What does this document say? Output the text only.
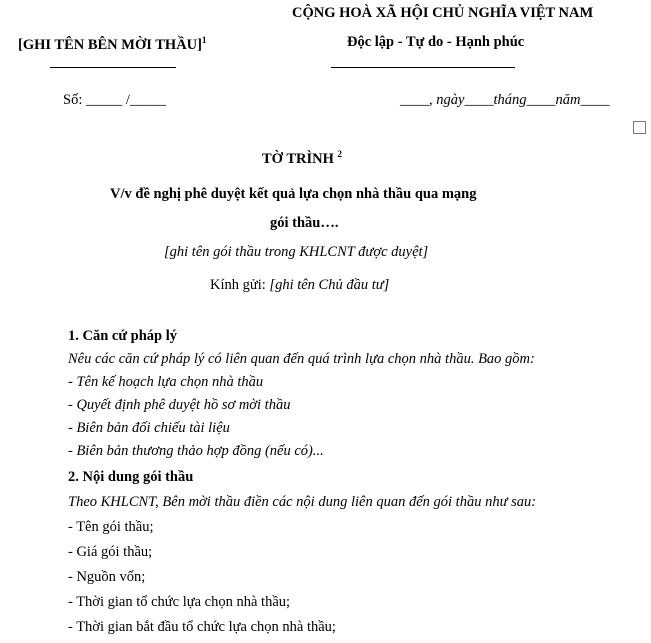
CỘNG HOÀ XÃ HỘI CHỦ NGHĨA VIỆT NAM
Độc lập - Tự do - Hạnh phúc
[GHI TÊN BÊN MỜI THẦU]$^1$
Số: _____ /_____	____, ngày____tháng____năm____
TỜ TRÌNH $^2$
V/v đề nghị phê duyệt kết quả lựa chọn nhà thầu qua mạng
gói thầu….
[ghi tên gói thầu trong KHLCNT được duyệt]
Kính gửi: [ghi tên Chủ đầu tư]
1. Căn cứ pháp lý
Nêu các căn cứ pháp lý có liên quan đến quá trình lựa chọn nhà thầu. Bao gồm:
- Tên kế hoạch lựa chọn nhà thầu
- Quyết định phê duyệt hồ sơ mời thầu
- Biên bản đối chiếu tài liệu
- Biên bản thương thảo hợp đồng (nếu có)...
2. Nội dung gói thầu
Theo KHLCNT, Bên mời thầu điền các nội dung liên quan đến gói thầu như sau:
- Tên gói thầu;
- Giá gói thầu;
- Nguồn vốn;
- Thời gian tổ chức lựa chọn nhà thầu;
- Thời gian bắt đầu tổ chức lựa chọn nhà thầu;
